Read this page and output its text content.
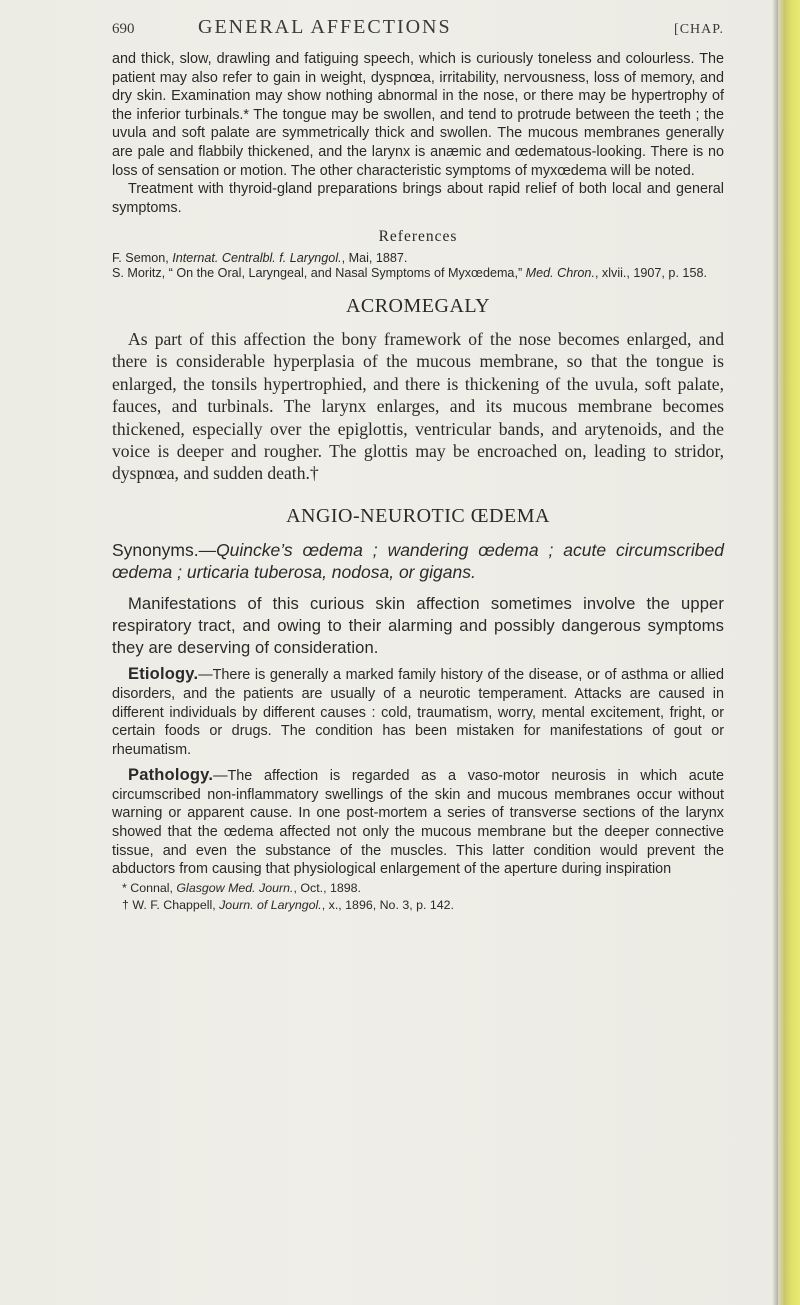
690	GENERAL AFFECTIONS	[CHAP.

and thick, slow, drawling and fatiguing speech, which is curiously toneless and colourless. The patient may also refer to gain in weight, dyspnœa, irritability, nervousness, loss of memory, and dry skin. Examination may show nothing abnormal in the nose, or there may be hypertrophy of the inferior turbinals.* The tongue may be swollen, and tend to protrude between the teeth ; the uvula and soft palate are symmetrically thick and swollen. The mucous membranes generally are pale and flabbily thickened, and the larynx is anæmic and œdematous-looking. There is no loss of sensation or motion. The other characteristic symptoms of myxœdema will be noted.

Treatment with thyroid-gland preparations brings about rapid relief of both local and general symptoms.

References
F. Semon, Internat. Centralbl. f. Laryngol., Mai, 1887.
S. Moritz, “ On the Oral, Laryngeal, and Nasal Symptoms of Myxœdema,” Med. Chron., xlvii., 1907, p. 158.
ACROMEGALY

As part of this affection the bony framework of the nose becomes enlarged, and there is considerable hyperplasia of the mucous membrane, so that the tongue is enlarged, the tonsils hypertrophied, and there is thickening of the uvula, soft palate, fauces, and turbinals. The larynx enlarges, and its mucous membrane becomes thickened, especially over the epiglottis, ventricular bands, and arytenoids, and the voice is deeper and rougher. The glottis may be encroached on, leading to stridor, dyspnœa, and sudden death.†

ANGIO-NEUROTIC ŒDEMA

Synonyms.—Quincke’s œdema ; wandering œdema ; acute circumscribed œdema ; urticaria tuberosa, nodosa, or gigans.

Manifestations of this curious skin affection sometimes involve the upper respiratory tract, and owing to their alarming and possibly dangerous symptoms they are deserving of consideration.

Etiology.—There is generally a marked family history of the disease, or of asthma or allied disorders, and the patients are usually of a neurotic temperament. Attacks are caused in different individuals by different causes : cold, traumatism, worry, mental excitement, fright, or certain foods or drugs. The condition has been mistaken for manifestations of gout or rheumatism.

Pathology.—The affection is regarded as a vaso-motor neurosis in which acute circumscribed non-inflammatory swellings of the skin and mucous membranes occur without warning or apparent cause. In one post-mortem a series of transverse sections of the larynx showed that the œdema affected not only the mucous membrane but the deeper connective tissue, and even the substance of the muscles. This latter condition would prevent the abductors from causing that physiological enlargement of the aperture during inspiration

* Connal, Glasgow Med. Journ., Oct., 1898.
† W. F. Chappell, Journ. of Laryngol., x., 1896, No. 3, p. 142.
